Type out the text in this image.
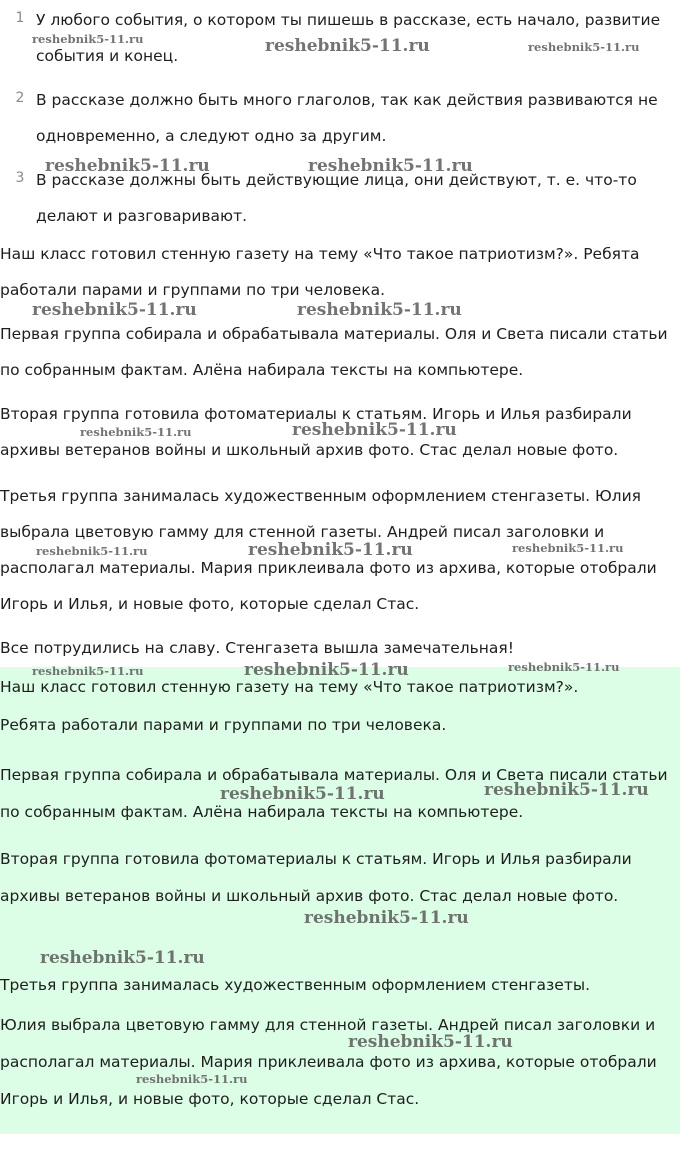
1 У любого события, о котором ты пишешь в рассказе, есть начало, развитие события и конец.

2 В рассказе должно быть много глаголов, так как действия развиваются не одновременно, а следуют одно за другим.

3 В рассказе должны быть действующие лица, они действуют, т. е. что-то делают и разговаривают.

Наш класс готовил стенную газету на тему «Что такое патриотизм?». Ребята работали парами и группами по три человека.

Первая группа собирала и обрабатывала материалы. Оля и Света писали статьи по собранным фактам. Алёна набирала тексты на компьютере.

Вторая группа готовила фотоматериалы к статьям. Игорь и Илья разбирали архивы ветеранов войны и школьный архив фото. Стас делал новые фото.

Третья группа занималась художественным оформлением стенгазеты. Юлия выбрала цветовую гамму для стенной газеты. Андрей писал заголовки и располагал материалы. Мария приклеивала фото из архива, которые отобрали Игорь и Илья, и новые фото, которые сделал Стас.

Все потрудились на славу. Стенгазета вышла замечательная!

Наш класс готовил стенную газету на тему «Что такое патриотизм?».

Ребята работали парами и группами по три человека.

Первая группа собирала и обрабатывала материалы. Оля и Света писали статьи по собранным фактам. Алёна набирала тексты на компьютере.

Вторая группа готовила фотоматериалы к статьям. Игорь и Илья разбирали архивы ветеранов войны и школьный архив фото. Стас делал новые фото.

Третья группа занималась художественным оформлением стенгазеты.

Юлия выбрала цветовую гамму для стенной газеты. Андрей писал заголовки и располагал материалы. Мария приклеивала фото из архива, которые отобрали Игорь и Илья, и новые фото, которые сделал Стас.

reshebnik5-11.ru	reshebnik5-11.ru	reshebnik5-11.ru
reshebnik5-11.ru	reshebnik5-11.ru
reshebnik5-11.ru	reshebnik5-11.ru
reshebnik5-11.ru	reshebnik5-11.ru
reshebnik5-11.ru	reshebnik5-11.ru	reshebnik5-11.ru
reshebnik5-11.ru	reshebnik5-11.ru	reshebnik5-11.ru
reshebnik5-11.ru	reshebnik5-11.ru
reshebnik5-11.ru
reshebnik5-11.ru
reshebnik5-11.ru
reshebnik5-11.ru
